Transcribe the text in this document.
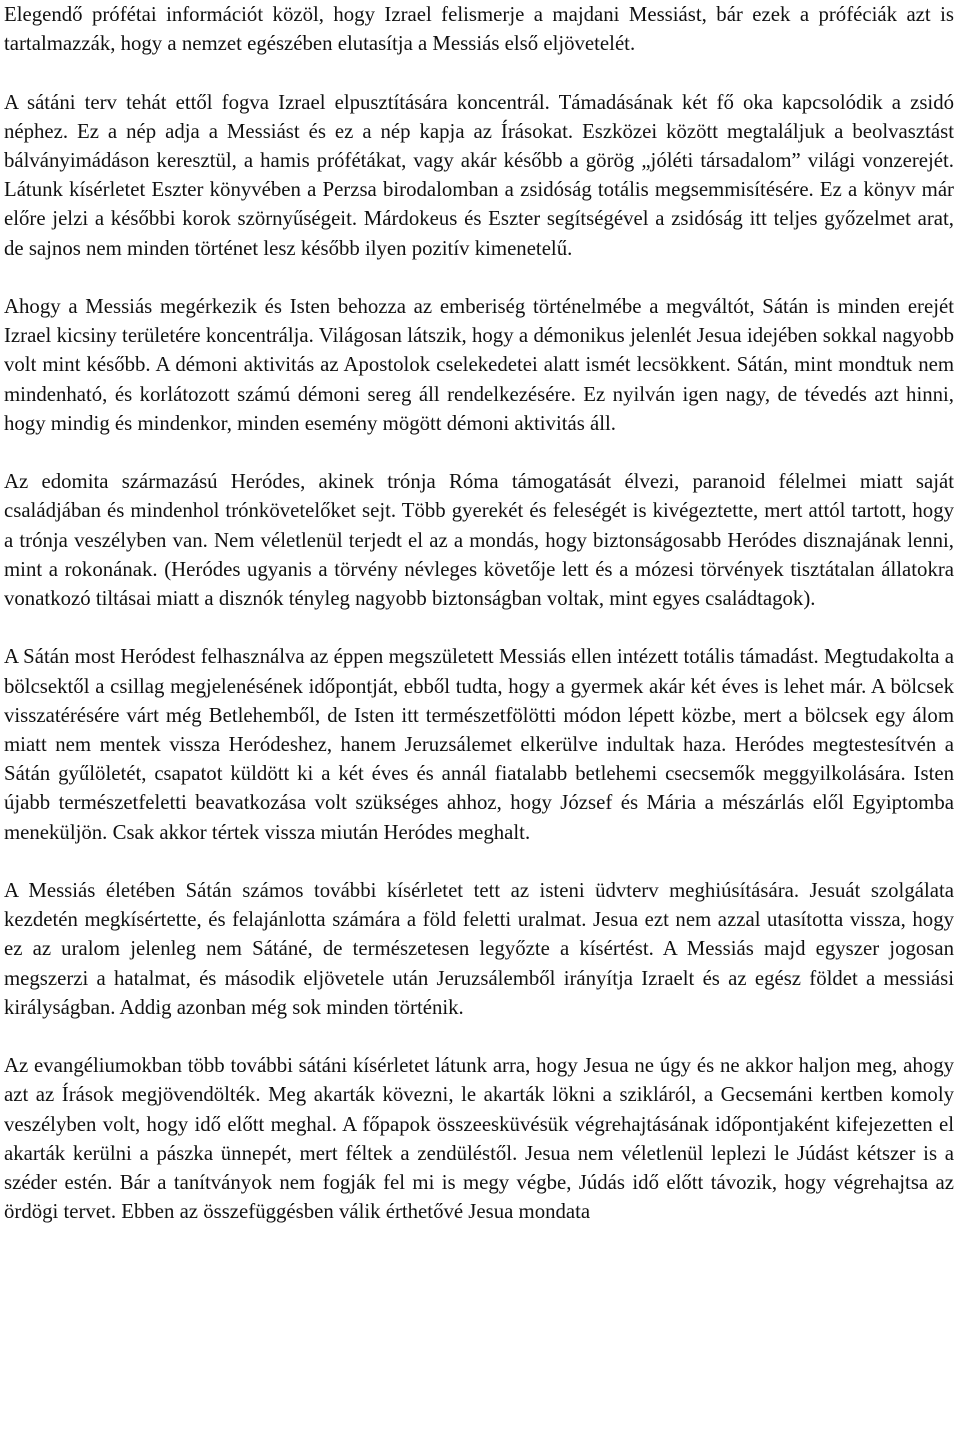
Elegendő prófétai információt közöl, hogy Izrael felismerje a majdani Messiást, bár ezek a próféciák azt is tartalmazzák, hogy a nemzet egészében elutasítja a Messiás első eljövetelét.

A sátáni terv tehát ettől fogva Izrael elpusztítására koncentrál. Támadásának két fő oka kapcsolódik a zsidó néphez. Ez a nép adja a Messiást és ez a nép kapja az Írásokat. Eszközei között megtaláljuk a beolvasztást bálványimádáson keresztül, a hamis prófétákat, vagy akár később a görög „jóléti társadalom” világi vonzerejét. Látunk kísérletet Eszter könyvében a Perzsa birodalomban a zsidóság totális megsemmisítésére. Ez a könyv már előre jelzi a későbbi korok szörnyűségeit. Márdokeus és Eszter segítségével a zsidóság itt teljes győzelmet arat, de sajnos nem minden történet lesz később ilyen pozitív kimenetelű.

Ahogy a Messiás megérkezik és Isten behozza az emberiség történelmébe a megváltót, Sátán is minden erejét Izrael kicsiny területére koncentrálja. Világosan látszik, hogy a démonikus jelenlét Jesua idejében sokkal nagyobb volt mint később. A démoni aktivitás az Apostolok cselekedetei alatt ismét lecsökkent. Sátán, mint mondtuk nem mindenható, és korlátozott számú démoni sereg áll rendelkezésére. Ez nyilván igen nagy, de tévedés azt hinni, hogy mindig és mindenkor, minden esemény mögött démoni aktivitás áll.

Az edomita származású Heródes, akinek trónja Róma támogatását élvezi, paranoid félelmei miatt saját családjában és mindenhol trónkövetelőket sejt. Több gyerekét és feleségét is kivégeztette, mert attól tartott, hogy a trónja veszélyben van. Nem véletlenül terjedt el az a mondás, hogy biztonságosabb Heródes disznajának lenni, mint a rokonának. (Heródes ugyanis a törvény névleges követője lett és a mózesi törvények tisztátalan állatokra vonatkozó tiltásai miatt a disznók tényleg nagyobb biztonságban voltak, mint egyes családtagok).

A Sátán most Heródest felhasználva az éppen megszületett Messiás ellen intézett totális támadást. Megtudakolta a bölcsektől a csillag megjelenésének időpontját, ebből tudta, hogy a gyermek akár két éves is lehet már. A bölcsek visszatérésére várt még Betlehemből, de Isten itt természetfölötti módon lépett közbe, mert a bölcsek egy álom miatt nem mentek vissza Heródeshez, hanem Jeruzsálemet elkerülve indultak haza. Heródes megtestesítvén a Sátán gyűlöletét, csapatot küldött ki a két éves és annál fiatalabb betlehemi csecsemők meggyilkolására. Isten újabb természetfeletti beavatkozása volt szükséges ahhoz, hogy József és Mária a mészárlás elől Egyiptomba meneküljön. Csak akkor tértek vissza miután Heródes meghalt.

A Messiás életében Sátán számos további kísérletet tett az isteni üdvterv meghiúsítására. Jesuát szolgálata kezdetén megkísértette, és felajánlotta számára a föld feletti uralmat. Jesua ezt nem azzal utasította vissza, hogy ez az uralom jelenleg nem Sátáné, de természetesen legyőzte a kísértést. A Messiás majd egyszer jogosan megszerzi a hatalmat, és második eljövetele után Jeruzsálemből irányítja Izraelt és az egész földet a messiási királyságban. Addig azonban még sok minden történik.

Az evangéliumokban több további sátáni kísérletet látunk arra, hogy Jesua ne úgy és ne akkor haljon meg, ahogy azt az Írások megjövendölték. Meg akarták kövezni, le akarták lökni a szikláról, a Gecsemáni kertben komoly veszélyben volt, hogy idő előtt meghal. A főpapok összeesküvésük végrehajtásának időpontjaként kifejezetten el akarták kerülni a pászka ünnepét, mert féltek a zendüléstől. Jesua nem véletlenül leplezi le Júdást kétszer is a széder estén. Bár a tanítványok nem fogják fel mi is megy végbe, Júdás idő előtt távozik, hogy végrehajtsa az ördögi tervet. Ebben az összefüggésben válik érthetővé Jesua mondata
